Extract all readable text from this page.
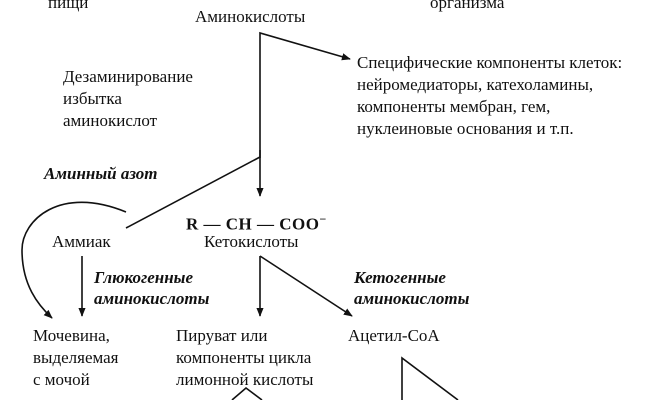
пищи
Аминокислоты
организма
Специфические компоненты клеток:
нейромедиаторы, катехоламины,
компоненты мембран, гем,
нуклеиновые основания и т.п.
Дезаминирование
избытка
аминокислот
Аминный азот
R — CH — COO−
Кетокислоты
Аммиак
Глюкогенные
аминокислоты
Кетогенные
аминокислоты
Мочевина,
выделяемая
с мочой
Пируват или
компоненты цикла
лимонной кислоты
Ацетил-CoA
